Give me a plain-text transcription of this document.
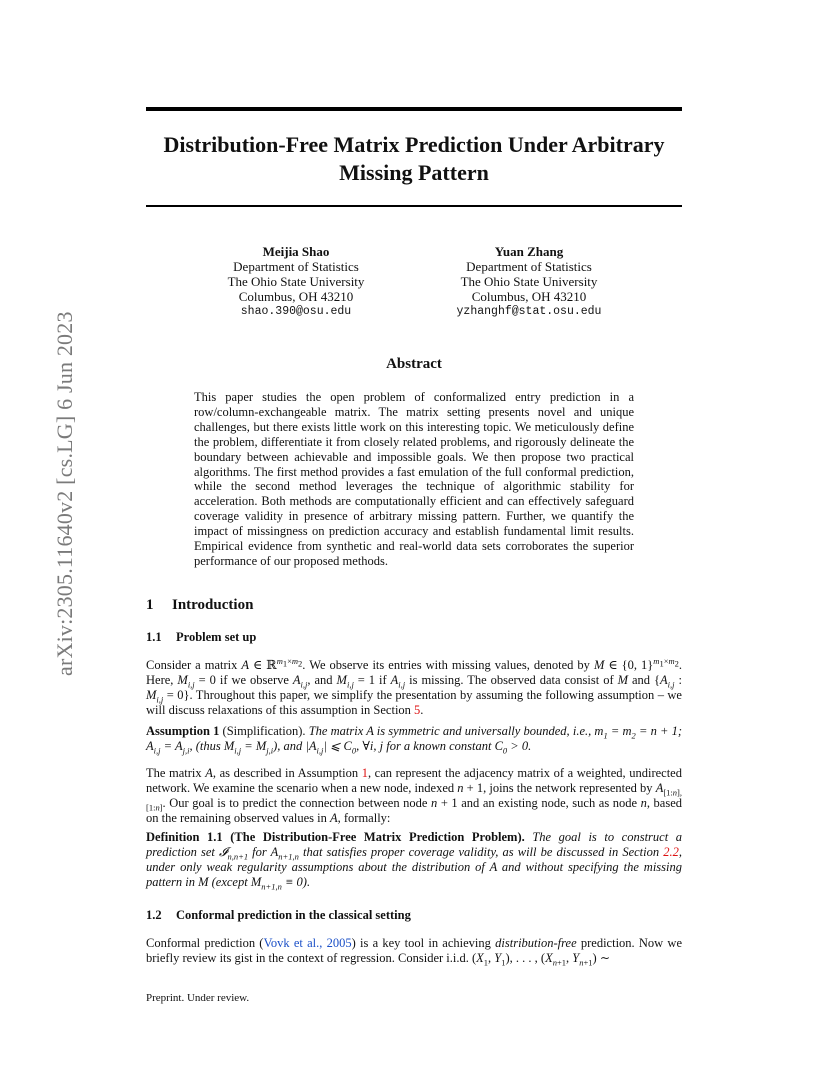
arXiv:2305.11640v2 [cs.LG] 6 Jun 2023
Distribution-Free Matrix Prediction Under Arbitrary
Missing Pattern
Meijia Shao
Department of Statistics
The Ohio State University
Columbus, OH 43210
shao.390@osu.edu
Yuan Zhang
Department of Statistics
The Ohio State University
Columbus, OH 43210
yzhanghf@stat.osu.edu
Abstract
This paper studies the open problem of conformalized entry prediction in a row/column-exchangeable matrix. The matrix setting presents novel and unique challenges, but there exists little work on this interesting topic. We meticulously define the problem, differentiate it from closely related problems, and rigorously delineate the boundary between achievable and impossible goals. We then propose two practical algorithms. The first method provides a fast emulation of the full conformal prediction, while the second method leverages the technique of algorithmic stability for acceleration. Both methods are computationally efficient and can effectively safeguard coverage validity in presence of arbitrary missing pattern. Further, we quantify the impact of missingness on prediction accuracy and establish fundamental limit results. Empirical evidence from synthetic and real-world data sets corroborates the superior performance of our proposed methods.
1 Introduction
1.1 Problem set up
Consider a matrix A ∈ ℝ$^{m_1\times m_2}$. We observe its entries with missing values, denoted by M ∈ {0, 1}$^{m_1\times m_2}$. Here, $M_{i,j} = 0$ if we observe $A_{i,j}$, and $M_{i,j} = 1$ if $A_{i,j}$ is missing. The observed data consist of M and {$A_{i,j}$ : $M_{i,j} = 0$}. Throughout this paper, we simplify the presentation by assuming the following assumption – we will discuss relaxations of this assumption in Section 5.
Assumption 1 (Simplification). The matrix A is symmetric and universally bounded, i.e., $m_1 = m_2 = n + 1$; $A_{i,j} = A_{j,i}$, (thus $M_{i,j} = M_{j,i}$), and $|A_{i,j}|$ ⩽ $C_0$, ∀i, j for a known constant $C_0 > 0$.
The matrix A, as described in Assumption 1, can represent the adjacency matrix of a weighted, undirected network. We examine the scenario when a new node, indexed n + 1, joins the network represented by $A_{[1:n],[1:n]}$. Our goal is to predict the connection between node n + 1 and an existing node, such as node n, based on the remaining observed values in A, formally:
Definition 1.1 (The Distribution-Free Matrix Prediction Problem). The goal is to construct a prediction set 𝓘$_{n,n+1}$ for $A_{n+1,n}$ that satisfies proper coverage validity, as will be discussed in Section 2.2, under only weak regularity assumptions about the distribution of A and without specifying the missing pattern in M (except $M_{n+1,n} \equiv 0$).
1.2 Conformal prediction in the classical setting
Conformal prediction (Vovk et al., 2005) is a key tool in achieving distribution-free prediction. Now we briefly review its gist in the context of regression. Consider i.i.d. ($X_1$, $Y_1$), . . . , ($X_{n+1}$, $Y_{n+1}$) ∼
Preprint. Under review.
